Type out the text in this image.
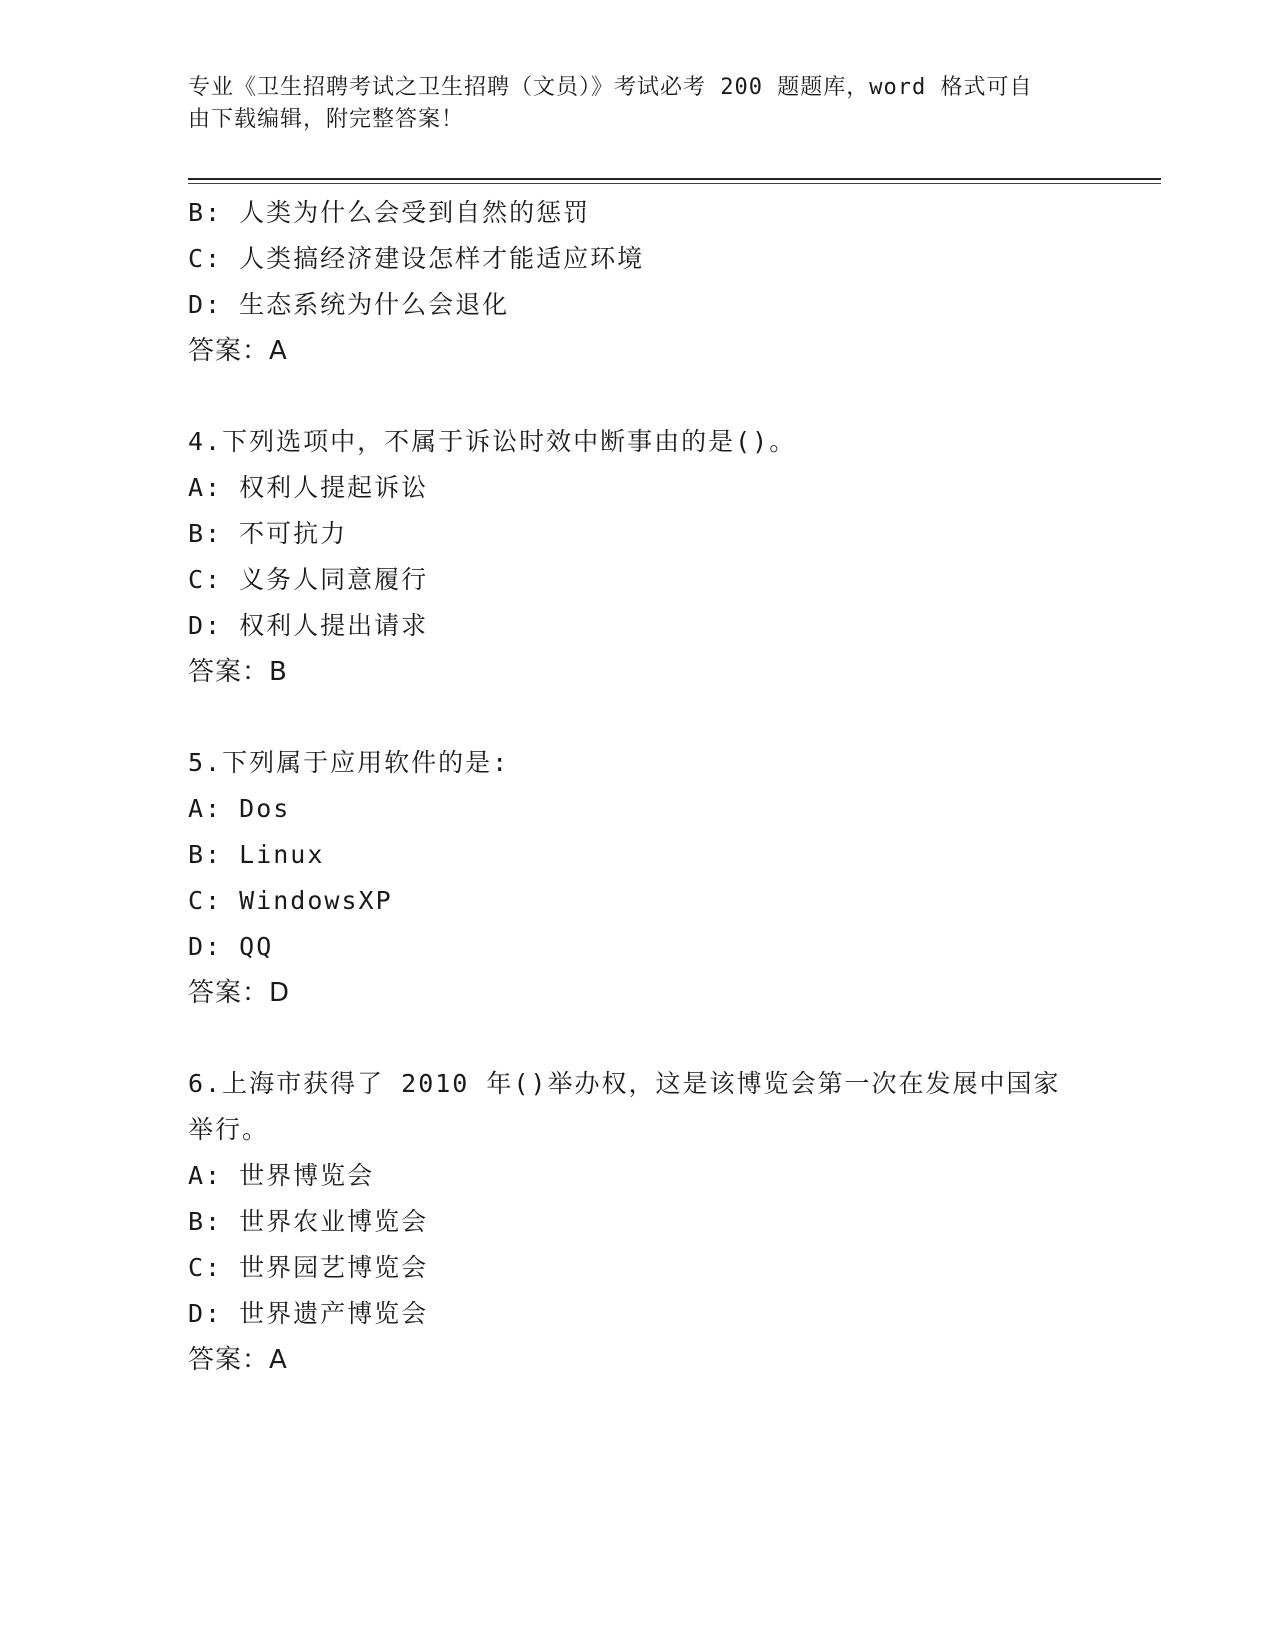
专业《卫生招聘考试之卫生招聘（文员）》考试必考 200 题题库，word 格式可自
由下载编辑，附完整答案！
B: 人类为什么会受到自然的惩罚
C: 人类搞经济建设怎样才能适应环境
D: 生态系统为什么会退化
答案：A
4.下列选项中，不属于诉讼时效中断事由的是()。
A: 权利人提起诉讼
B: 不可抗力
C: 义务人同意履行
D: 权利人提出请求
答案：B
5.下列属于应用软件的是:
A: Dos
B: Linux
C: WindowsXP
D: QQ
答案：D
6.上海市获得了 2010 年()举办权，这是该博览会第一次在发展中国家
举行。
A: 世界博览会
B: 世界农业博览会
C: 世界园艺博览会
D: 世界遗产博览会
答案：A
